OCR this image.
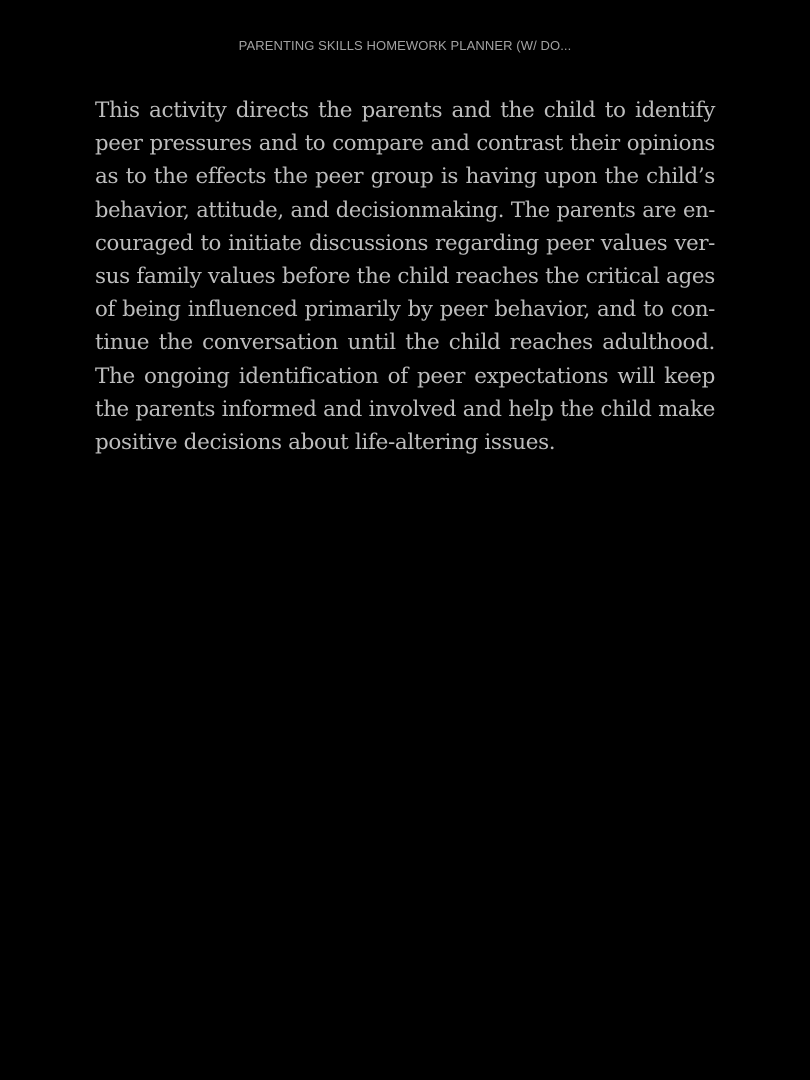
PARENTING SKILLS HOMEWORK PLANNER (W/ DO...

This activity directs the parents and the child to identify
peer pressures and to compare and contrast their opinions
as to the effects the peer group is having upon the child’s
behavior, attitude, and decisionmaking. The parents are en-
couraged to initiate discussions regarding peer values ver-
sus family values before the child reaches the critical ages
of being influenced primarily by peer behavior, and to con-
tinue the conversation until the child reaches adulthood.
The ongoing identification of peer expectations will keep
the parents informed and involved and help the child make
positive decisions about life-altering issues.
